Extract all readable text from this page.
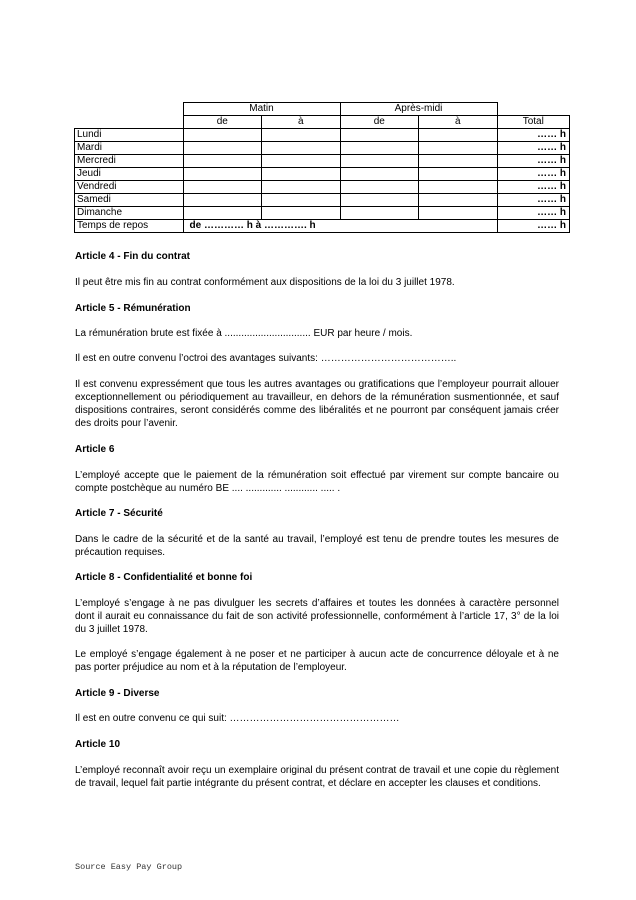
	Matin		Après-midi		
	de	à	de	à	Total
Lundi					…… h
Mardi					…… h
Mercredi					…… h
Jeudi					…… h
Vendredi					…… h
Samedi					…… h
Dimanche					…… h
Temps de repos	de ………… h à …………. h				…… h
Article 4 - Fin du contrat
Il peut être mis fin au contrat conformément aux dispositions de la loi du 3 juillet 1978.
Article 5 - Rémunération
La rémunération brute est fixée à ............................... EUR par heure / mois.
Il est en outre convenu l’octroi des avantages suivants: …………………………………..
Il est convenu expressément que tous les autres avantages ou gratifications que l’employeur pourrait allouer exceptionnellement ou périodiquement au travailleur, en dehors de la rémunération susmentionnée, et sauf dispositions contraires, seront considérés comme des libéralités et ne pourront par conséquent jamais créer des droits pour l’avenir.
Article 6
L’employé accepte que le paiement de la rémunération soit effectué par virement sur compte bancaire ou compte postchèque au numéro BE .... ............. ............ ..... .
Article 7 - Sécurité
Dans le cadre de la sécurité et de la santé au travail, l’employé est tenu de prendre toutes les mesures de précaution requises.
Article 8 - Confidentialité et bonne foi
L’employé s’engage à ne pas divulguer les secrets d’affaires et toutes les données à caractère personnel dont il aurait eu connaissance du fait de son activité professionnelle, conformément à l’article 17, 3° de la loi du 3 juillet 1978.
Le employé s’engage également à ne poser et ne participer à aucun acte de concurrence déloyale et à ne pas porter préjudice au nom et à la réputation de l’employeur.
Article 9 - Diverse
Il est en outre convenu ce qui suit: ……………………………………………
Article 10
L’employé reconnaît avoir reçu un exemplaire original du présent contrat de travail et une copie du règlement de travail, lequel fait partie intégrante du présent contrat, et déclare en accepter les clauses et conditions.
Source Easy Pay Group
